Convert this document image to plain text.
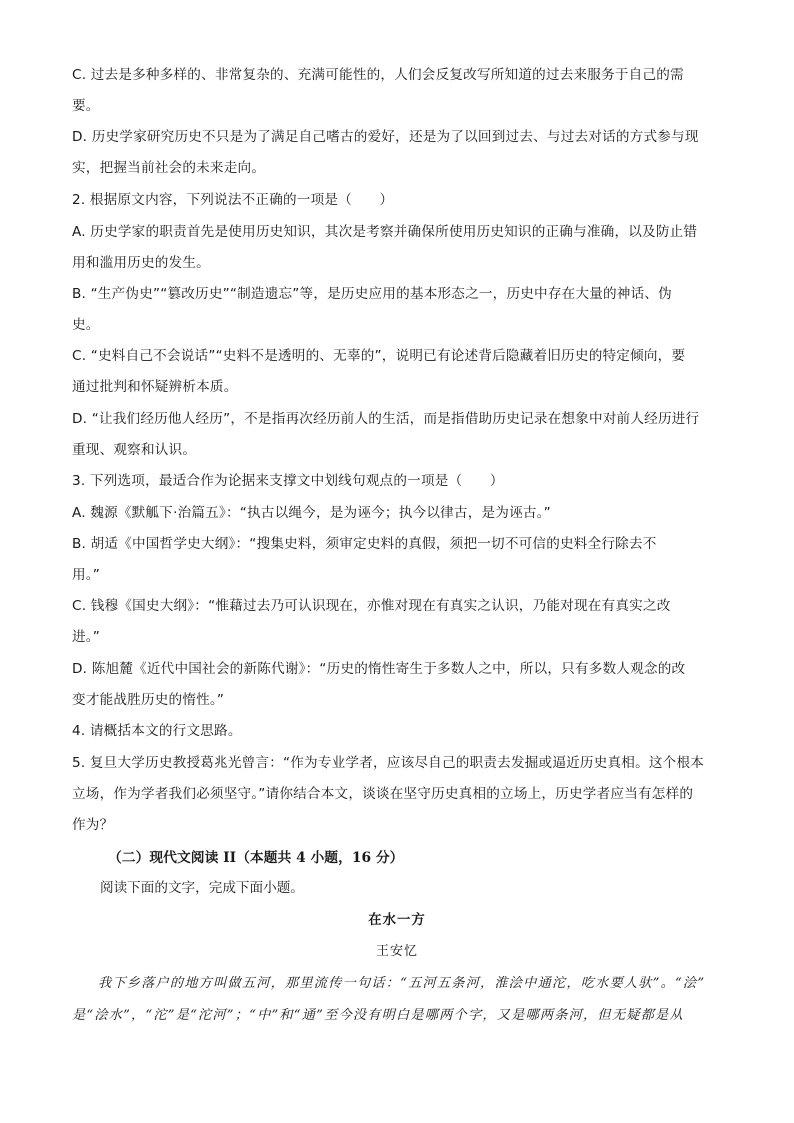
C. 过去是多种多样的、非常复杂的、充满可能性的，人们会反复改写所知道的过去来服务于自己的需
要。
D. 历史学家研究历史不只是为了满足自己嗜古的爱好，还是为了以回到过去、与过去对话的方式参与现
实，把握当前社会的未来走向。
2. 根据原文内容，下列说法不正确的一项是（　　）
A. 历史学家的职责首先是使用历史知识，其次是考察并确保所使用历史知识的正确与准确，以及防止错
用和滥用历史的发生。
B. “生产伪史”“篡改历史”“制造遗忘”等，是历史应用的基本形态之一，历史中存在大量的神话、伪
史。
C. “史料自己不会说话”“史料不是透明的、无辜的”，说明已有论述背后隐藏着旧历史的特定倾向，要
通过批判和怀疑辨析本质。
D. “让我们经历他人经历”，不是指再次经历前人的生活，而是指借助历史记录在想象中对前人经历进行
重现、观察和认识。
3. 下列选项，最适合作为论据来支撑文中划线句观点的一项是（　　）
A. 魏源《默觚下·治篇五》：“执古以绳今，是为诬今；执今以律古，是为诬古。”
B. 胡适《中国哲学史大纲》：“搜集史料，须审定史料的真假，须把一切不可信的史料全行除去不
用。”
C. 钱穆《国史大纲》：“惟藉过去乃可认识现在，亦惟对现在有真实之认识，乃能对现在有真实之改
进。”
D. 陈旭麓《近代中国社会的新陈代谢》：“历史的惰性寄生于多数人之中，所以，只有多数人观念的改
变才能战胜历史的惰性。”
4. 请概括本文的行文思路。
5. 复旦大学历史教授葛兆光曾言：“作为专业学者，应该尽自己的职责去发掘或逼近历史真相。这个根本
立场，作为学者我们必须坚守。”请你结合本文，谈谈在坚守历史真相的立场上，历史学者应当有怎样的
作为？
（二）现代文阅读 II（本题共 4 小题，16 分）
阅读下面的文字，完成下面小题。
在水一方
王安忆
我下乡落户的地方叫做五河，那里流传一句话：“五河五条河，淮浍中通沱，吃水要人驮”。“浍”
是“浍水”，“沱”是“沱河”；“中”和“通”至今没有明白是哪两个字，又是哪两条河，但无疑都是从
